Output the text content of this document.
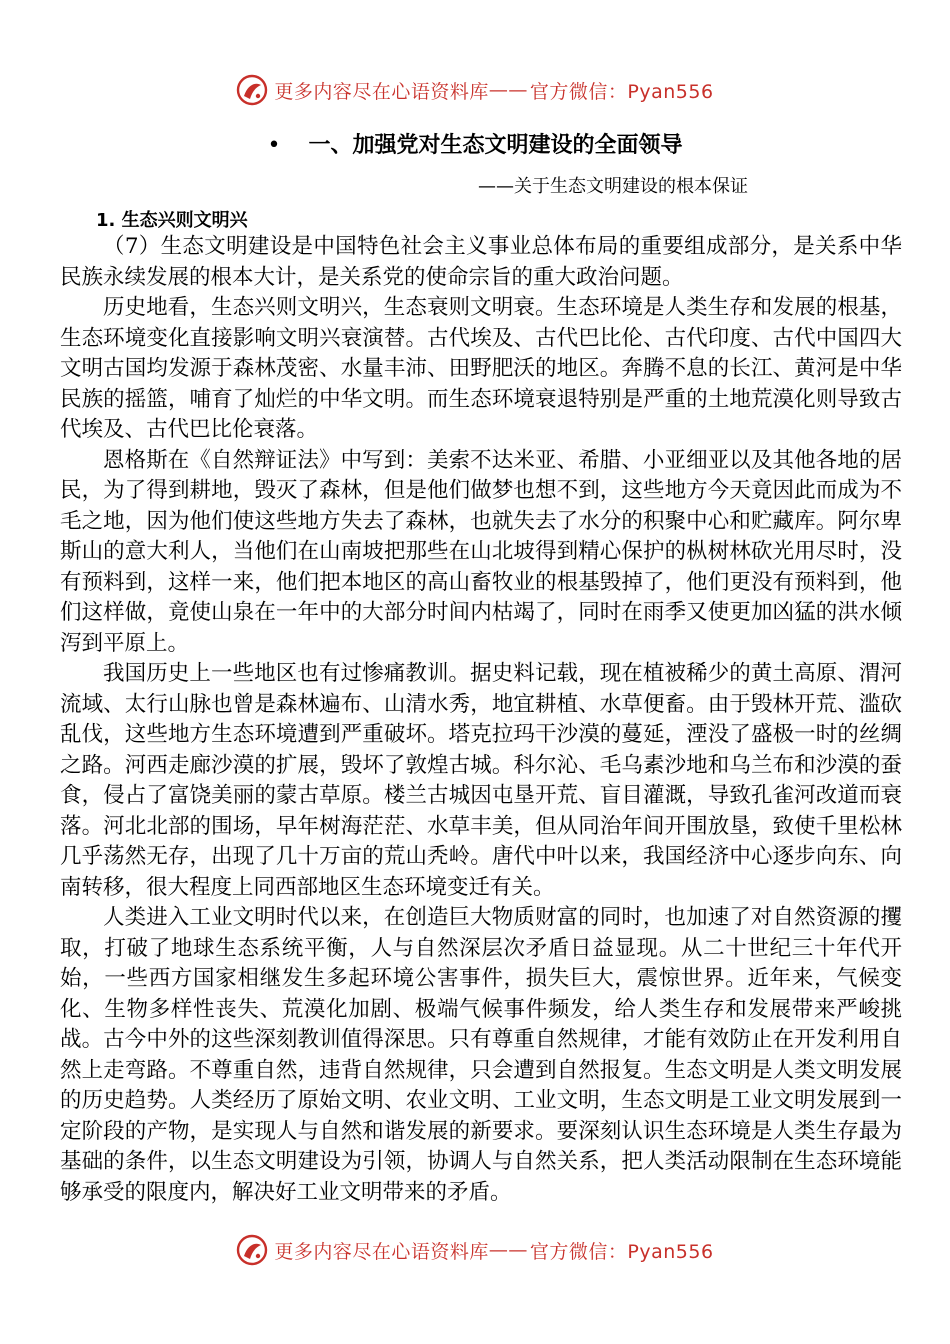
更多内容尽在心语资料库 —— 官方微信：Pyan556
• 一、加强党对生态文明建设的全面领导
——关于生态文明建设的根本保证
1. 生态兴则文明兴

（7）生态文明建设是中国特色社会主义事业总体布局的重要组成部分，是关系中华民族永续发展的根本大计，是关系党的使命宗旨的重大政治问题。

历史地看，生态兴则文明兴，生态衰则文明衰。生态环境是人类生存和发展的根基，生态环境变化直接影响文明兴衰演替。古代埃及、古代巴比伦、古代印度、古代中国四大文明古国均发源于森林茂密、水量丰沛、田野肥沃的地区。奔腾不息的长江、黄河是中华民族的摇篮，哺育了灿烂的中华文明。而生态环境衰退特别是严重的土地荒漠化则导致古代埃及、古代巴比伦衰落。

恩格斯在《自然辩证法》中写到：美索不达米亚、希腊、小亚细亚以及其他各地的居民，为了得到耕地，毁灭了森林，但是他们做梦也想不到，这些地方今天竟因此而成为不毛之地，因为他们使这些地方失去了森林，也就失去了水分的积聚中心和贮藏库。阿尔卑斯山的意大利人，当他们在山南坡把那些在山北坡得到精心保护的枞树林砍光用尽时，没有预料到，这样一来，他们把本地区的高山畜牧业的根基毁掉了，他们更没有预料到，他们这样做，竟使山泉在一年中的大部分时间内枯竭了，同时在雨季又使更加凶猛的洪水倾泻到平原上。

我国历史上一些地区也有过惨痛教训。据史料记载，现在植被稀少的黄土高原、渭河流域、太行山脉也曾是森林遍布、山清水秀，地宜耕植、水草便畜。由于毁林开荒、滥砍乱伐，这些地方生态环境遭到严重破坏。塔克拉玛干沙漠的蔓延，湮没了盛极一时的丝绸之路。河西走廊沙漠的扩展，毁坏了敦煌古城。科尔沁、毛乌素沙地和乌兰布和沙漠的蚕食，侵占了富饶美丽的蒙古草原。楼兰古城因屯垦开荒、盲目灌溉，导致孔雀河改道而衰落。河北北部的围场，早年树海茫茫、水草丰美，但从同治年间开围放垦，致使千里松林几乎荡然无存，出现了几十万亩的荒山秃岭。唐代中叶以来，我国经济中心逐步向东、向南转移，很大程度上同西部地区生态环境变迁有关。

人类进入工业文明时代以来，在创造巨大物质财富的同时，也加速了对自然资源的攫取，打破了地球生态系统平衡，人与自然深层次矛盾日益显现。从二十世纪三十年代开始，一些西方国家相继发生多起环境公害事件，损失巨大，震惊世界。近年来，气候变化、生物多样性丧失、荒漠化加剧、极端气候事件频发，给人类生存和发展带来严峻挑战。古今中外的这些深刻教训值得深思。只有尊重自然规律，才能有效防止在开发利用自然上走弯路。不尊重自然，违背自然规律，只会遭到自然报复。生态文明是人类文明发展的历史趋势。人类经历了原始文明、农业文明、工业文明，生态文明是工业文明发展到一定阶段的产物，是实现人与自然和谐发展的新要求。要深刻认识生态环境是人类生存最为基础的条件，以生态文明建设为引领，协调人与自然关系，把人类活动限制在生态环境能够承受的限度内，解决好工业文明带来的矛盾。

更多内容尽在心语资料库 —— 官方微信：Pyan556
